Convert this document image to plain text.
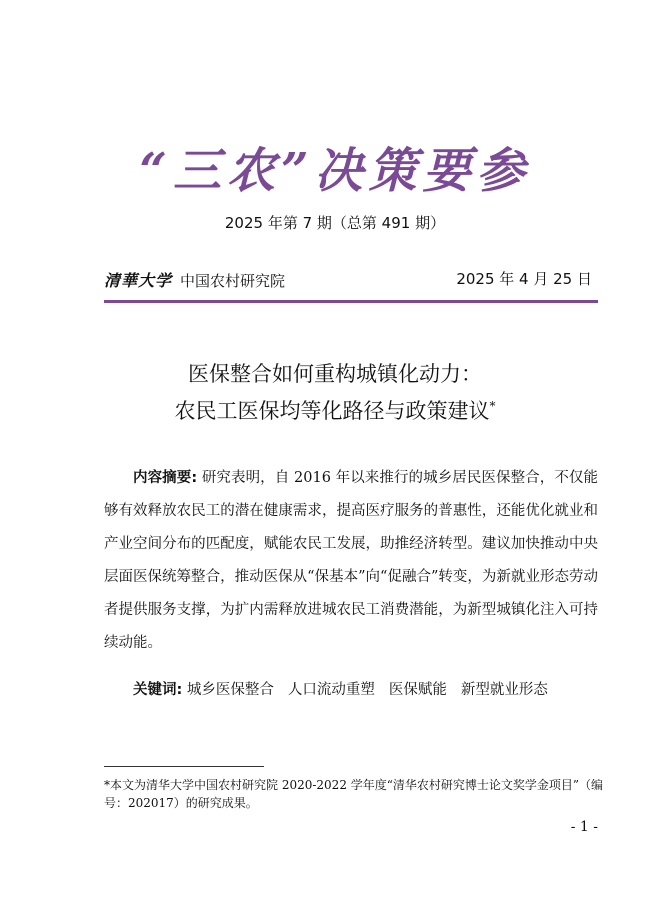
“三农”决策要参
2025 年第 7 期（总第 491 期）
清華大学 中国农村研究院	2025 年 4 月 25 日
医保整合如何重构城镇化动力：
农民工医保均等化路径与政策建议*
内容摘要: 研究表明，自 2016 年以来推行的城乡居民医保整合，不仅能够有效释放农民工的潜在健康需求，提高医疗服务的普惠性，还能优化就业和产业空间分布的匹配度，赋能农民工发展，助推经济转型。建议加快推动中央层面医保统筹整合，推动医保从“保基本”向“促融合”转变，为新就业形态劳动者提供服务支撑，为扩内需释放进城农民工消费潜能，为新型城镇化注入可持续动能。
关键词: 城乡医保整合 人口流动重塑 医保赋能 新型就业形态
*本文为清华大学中国农村研究院 2020-2022 学年度“清华农村研究博士论文奖学金项目”（编号：202017）的研究成果。
- 1 -
